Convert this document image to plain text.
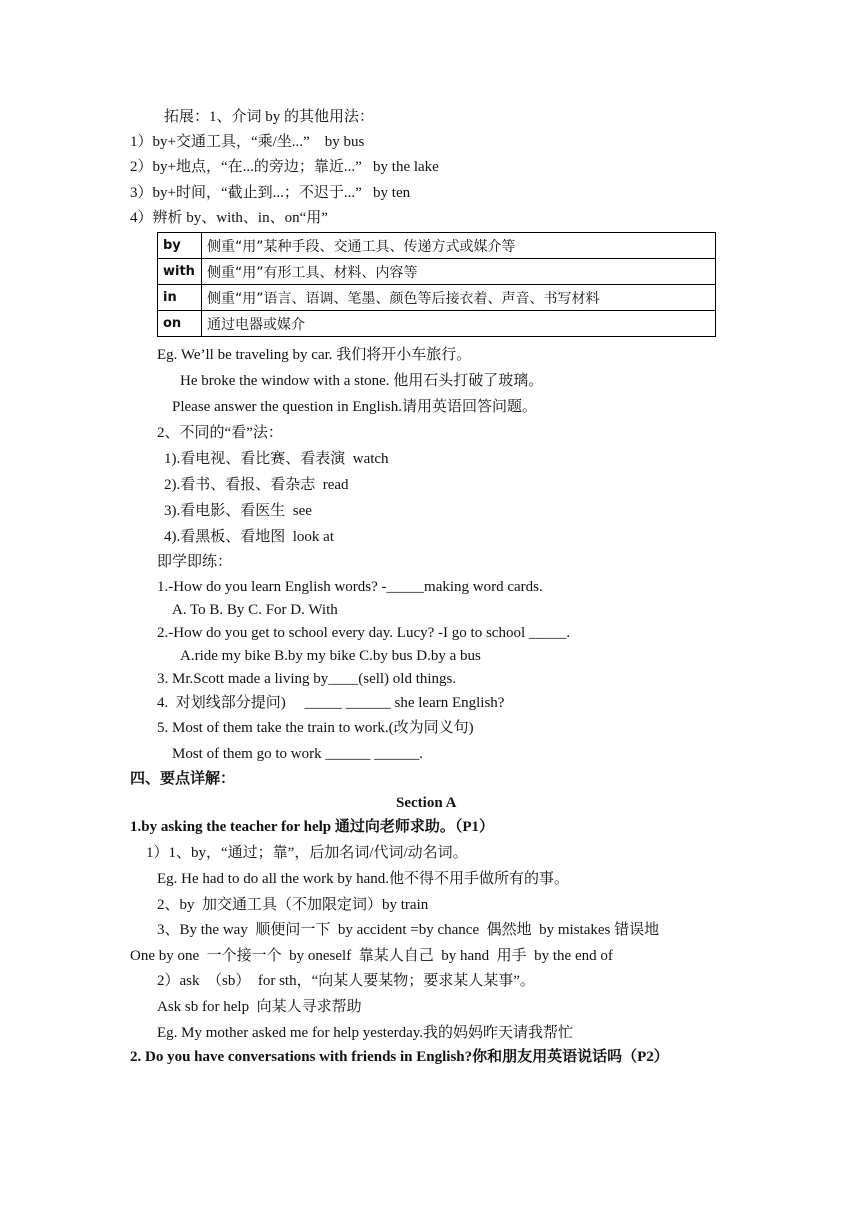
拓展：1、介词 by 的其他用法：
1）by+交通工具，“乘/坐...”    by bus
2）by+地点，“在...的旁边；靠近...”   by the lake
3）by+时间，“截止到...；不迟于...”   by ten
4）辨析 by、with、in、on“用”
by	侧重“用”某种手段、交通工具、传递方式或媒介等
with	侧重“用”有形工具、材料、内容等
in	侧重“用”语言、语调、笔墨、颜色等后接衣着、声音、书写材料
on	通过电器或媒介
Eg. We’ll be traveling by car. 我们将开小车旅行。
He broke the window with a stone. 他用石头打破了玻璃。
Please answer the question in English.请用英语回答问题。
2、不同的“看”法：
1).看电视、看比赛、看表演  watch
2).看书、看报、看杂志  read
3).看电影、看医生  see
4).看黑板、看地图  look at
即学即练：
1.-How do you learn English words? -_____making word cards.
A. To B. By C. For D. With
2.-How do you get to school every day. Lucy? -I go to school _____.
A.ride my bike B.by my bike C.by bus D.by a bus
3. Mr.Scott made a living by____(sell) old things.
4.  对划线部分提问)     _____ ______ she learn English?
5. Most of them take the train to work.(改为同义句)
Most of them go to work ______ ______.
四、要点详解：
Section A
1.by asking the teacher for help 通过向老师求助。（P1）
1）1、by，“通过；靠”，后加名词/代词/动名词。
Eg. He had to do all the work by hand.他不得不用手做所有的事。
2、by  加交通工具（不加限定词）by train
3、By the way  顺便问一下  by accident =by chance  偶然地  by mistakes 错误地
One by one  一个接一个  by oneself  靠某人自己  by hand  用手  by the end of
2）ask  （sb）  for sth，“向某人要某物；要求某人某事”。
Ask sb for help  向某人寻求帮助
Eg. My mother asked me for help yesterday.我的妈妈昨天请我帮忙
2. Do you have conversations with friends in English?你和朋友用英语说话吗（P2）
